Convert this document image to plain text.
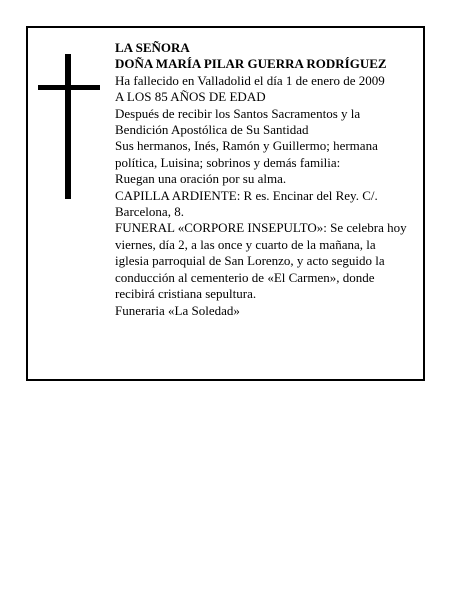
LA SEÑORA
DOÑA MARÍA PILAR GUERRA RODRÍGUEZ
Ha fallecido en Valladolid el día 1 de enero de 2009
A LOS 85 AÑOS DE EDAD
Después de recibir los Santos Sacramentos y la
Bendición Apostólica de Su Santidad
Sus hermanos, Inés, Ramón y Guillermo; hermana
política, Luisina; sobrinos y demás familia:
Ruegan una oración por su alma.
CAPILLA ARDIENTE: R es. Encinar del Rey. C/.
Barcelona, 8.
FUNERAL «CORPORE INSEPULTO»: Se celebra hoy
viernes, día 2, a las once y cuarto de la mañana, la
iglesia parroquial de San Lorenzo, y acto seguido la
conducción al cementerio de «El Carmen», donde
recibirá cristiana sepultura.
Funeraria «La Soledad»
